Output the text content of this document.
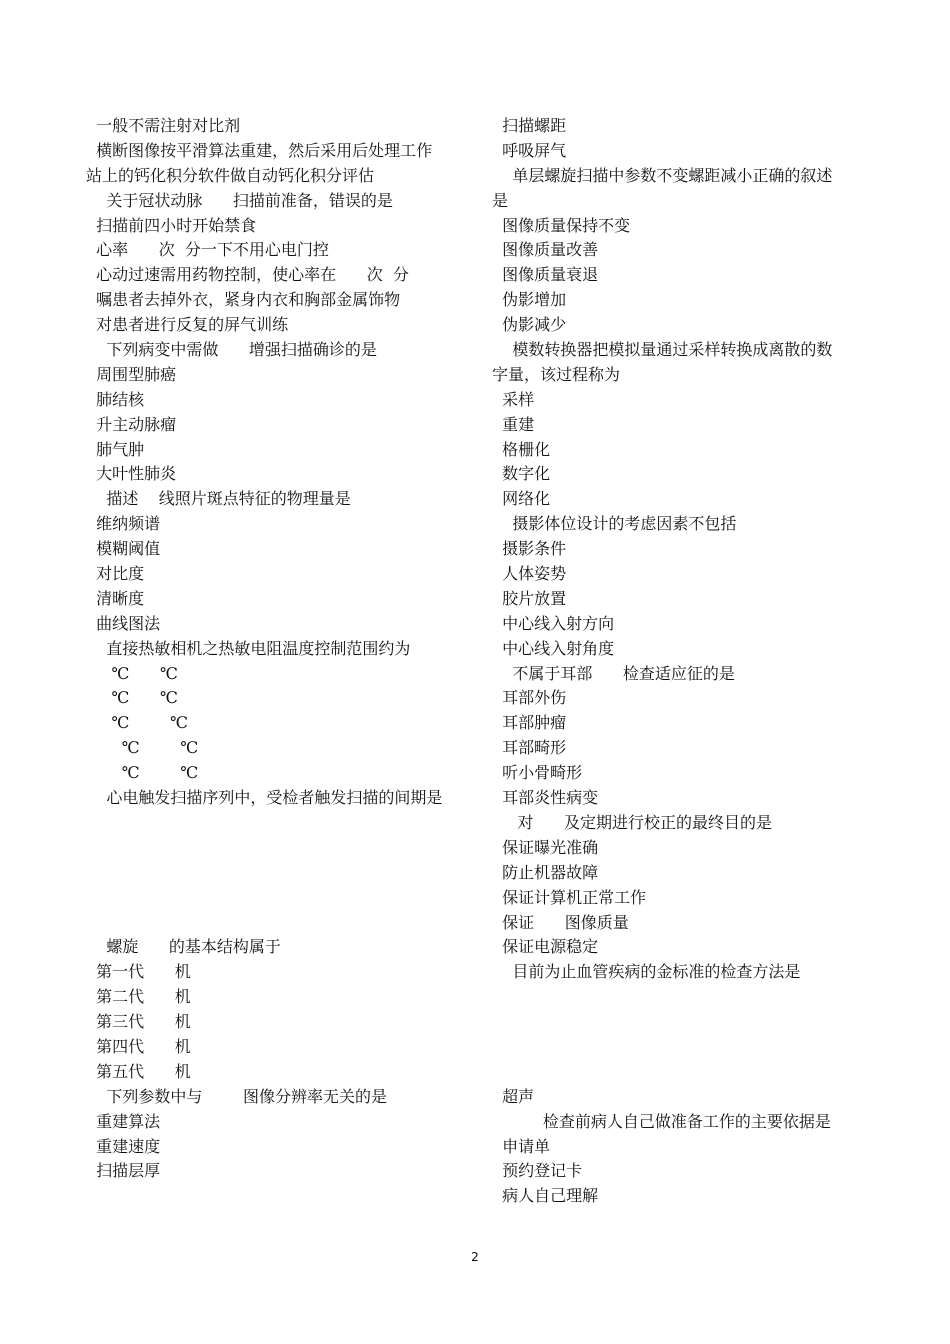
一般不需注射对比剂
横断图像按平滑算法重建，然后采用后处理工作
站上的钙化积分软件做自动钙化积分评估
关于冠状动脉      扫描前准备，错误的是
扫描前四小时开始禁食
心率      次  分一下不用心电门控
心动过速需用药物控制，使心率在      次  分
嘱患者去掉外衣，紧身内衣和胸部金属饰物
对患者进行反复的屏气训练
下列病变中需做      增强扫描确诊的是
周围型肺癌
肺结核
升主动脉瘤
肺气肿
大叶性肺炎
描述    线照片斑点特征的物理量是
维纳频谱
模糊阈值
对比度
清晰度
曲线图法
直接热敏相机之热敏电阻温度控制范围约为
℃      ℃
℃      ℃
℃        ℃
℃        ℃
℃        ℃
心电触发扫描序列中，受检者触发扫描的间期是
螺旋      的基本结构属于
第一代      机
第二代      机
第三代      机
第四代      机
第五代      机
下列参数中与        图像分辨率无关的是
重建算法
重建速度
扫描层厚
扫描螺距
呼吸屏气
单层螺旋扫描中参数不变螺距减小正确的叙述
是
图像质量保持不变
图像质量改善
图像质量衰退
伪影增加
伪影减少
模数转换器把模拟量通过采样转换成离散的数
字量，该过程称为
采样
重建
格栅化
数字化
网络化
摄影体位设计的考虑因素不包括
摄影条件
人体姿势
胶片放置
中心线入射方向
中心线入射角度
不属于耳部      检查适应征的是
耳部外伤
耳部肿瘤
耳部畸形
听小骨畸形
耳部炎性病变
对      及定期进行校正的最终目的是
保证曝光准确
防止机器故障
保证计算机正常工作
保证      图像质量
保证电源稳定
目前为止血管疾病的金标准的检查方法是
超声
检查前病人自己做准备工作的主要依据是
申请单
预约登记卡
病人自己理解
2
